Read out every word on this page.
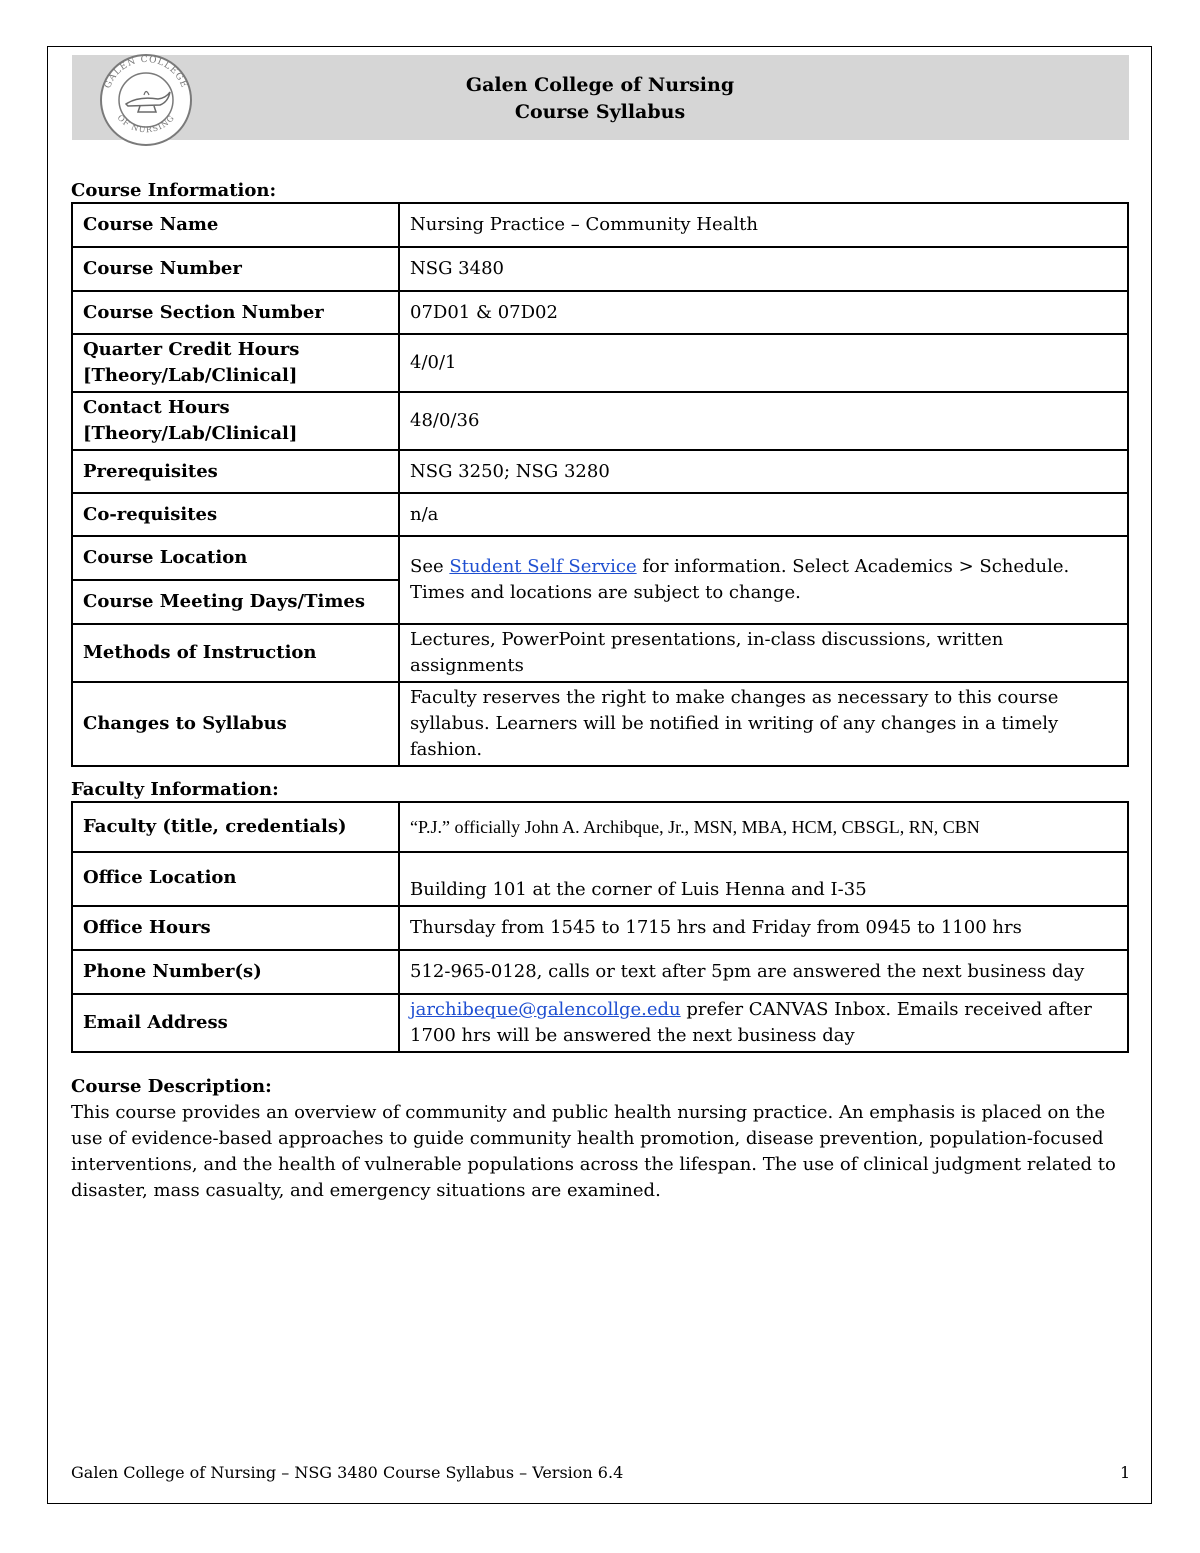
GALEN COLLEGE
OF NURSING
Galen College of Nursing
Course Syllabus
Course Information:
Course Name	Nursing Practice – Community Health
Course Number	NSG 3480
Course Section Number	07D01 & 07D02
Quarter Credit Hours [Theory/Lab/Clinical]	4/0/1
Contact Hours [Theory/Lab/Clinical]	48/0/36
Prerequisites	NSG 3250; NSG 3280
Co-requisites	n/a
Course Location	See Student Self Service for information. Select Academics > Schedule. Times and locations are subject to change.
Course Meeting Days/Times	
Methods of Instruction	Lectures, PowerPoint presentations, in-class discussions, written assignments
Changes to Syllabus	Faculty reserves the right to make changes as necessary to this course syllabus. Learners will be notified in writing of any changes in a timely fashion.
Faculty Information:
Faculty (title, credentials)	“P.J.” officially John A. Archibque, Jr., MSN, MBA, HCM, CBSGL, RN, CBN
Office Location	Building 101 at the corner of Luis Henna and I-35
Office Hours	Thursday from 1545 to 1715 hrs and Friday from 0945 to 1100 hrs
Phone Number(s)	512-965-0128, calls or text after 5pm are answered the next business day
Email Address	jarchibeque@galencollge.edu prefer CANVAS Inbox. Emails received after 1700 hrs will be answered the next business day
Course Description:
This course provides an overview of community and public health nursing practice. An emphasis is placed on the use of evidence-based approaches to guide community health promotion, disease prevention, population-focused interventions, and the health of vulnerable populations across the lifespan. The use of clinical judgment related to disaster, mass casualty, and emergency situations are examined.
Galen College of Nursing – NSG 3480 Course Syllabus – Version 6.4	1
